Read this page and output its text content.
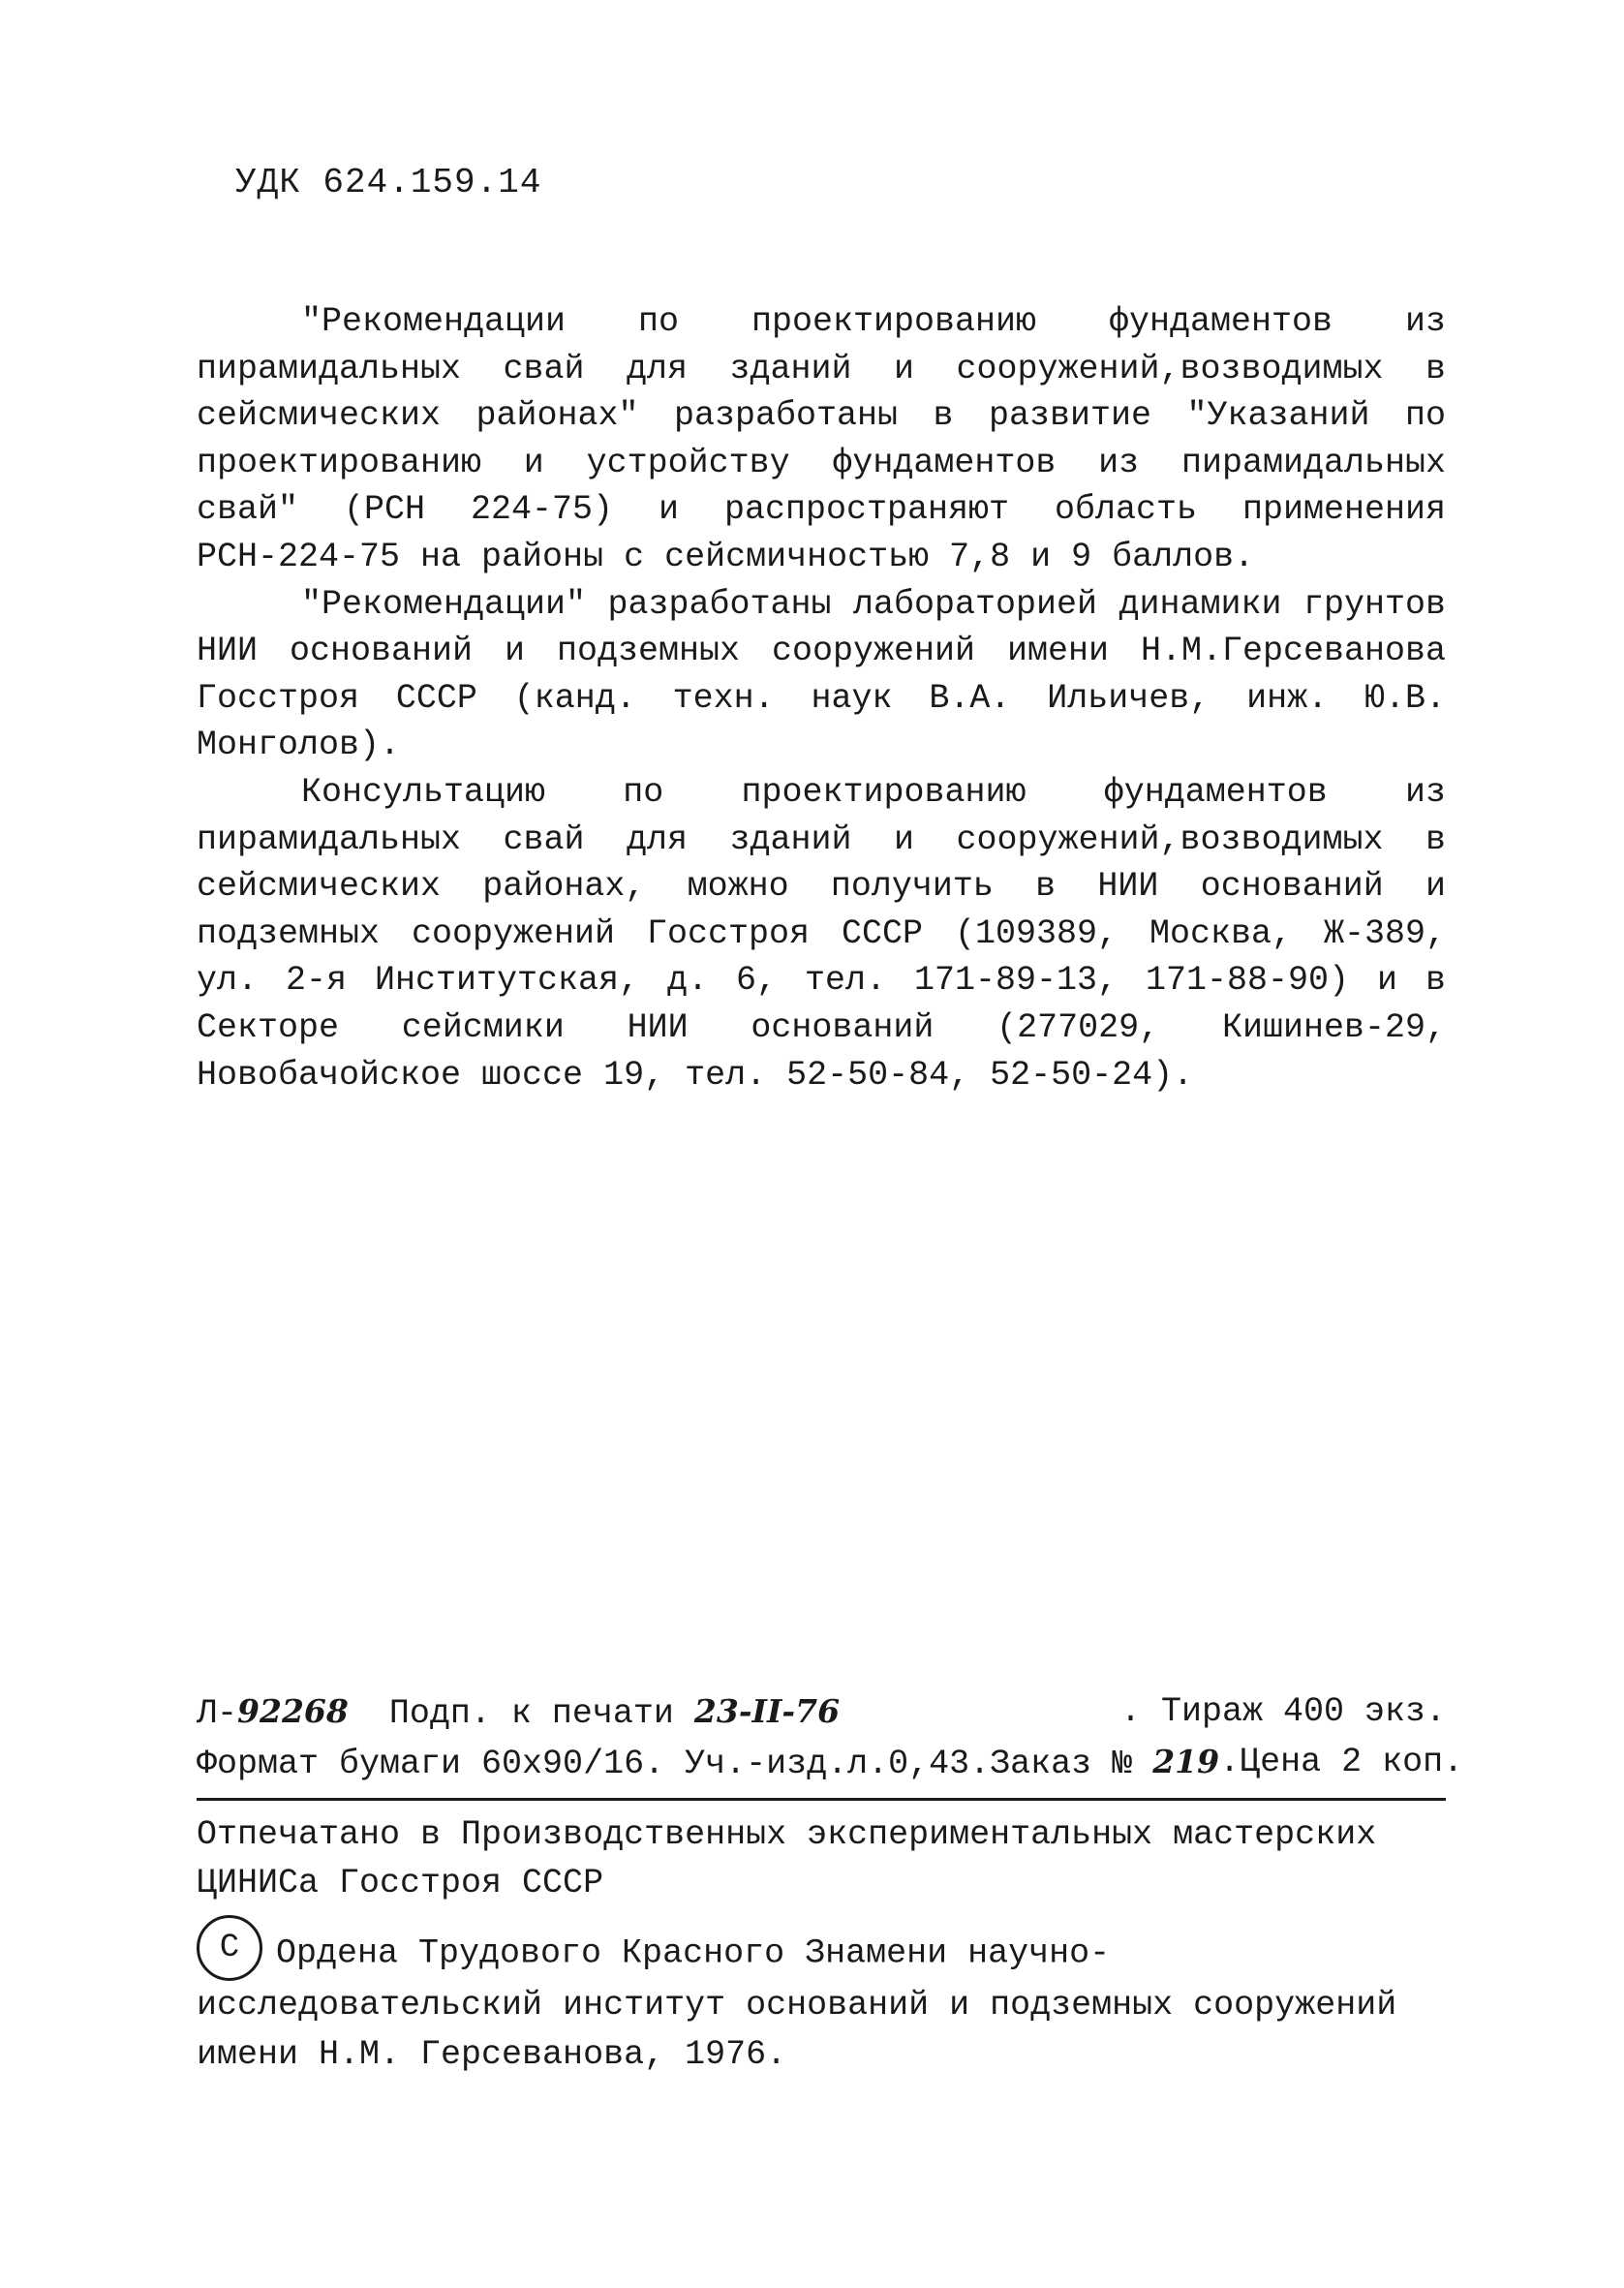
УДК 624.159.14

"Рекомендации по проектированию фундаментов из пирамидальных свай для зданий и сооружений,возводимых в сейсмических районах" разработаны в развитие "Указаний по проектированию и устройству фундаментов из пирамидальных свай" (РСН 224-75) и распространяют область применения РСН-224-75 на районы с сейсмичностью 7,8 и 9 баллов.

"Рекомендации" разработаны лабораторией динамики грунтов НИИ оснований и подземных сооружений имени Н.М.Герсеванова Госстроя СССР (канд. техн. наук В.А. Ильичев, инж. Ю.В. Монголов).

Консультацию по проектированию фундаментов из пирамидальных свай для зданий и сооружений,возводимых в сейсмических районах, можно получить в НИИ оснований и подземных сооружений Госстроя СССР (109389, Москва, Ж-389, ул. 2-я Институтская, д. 6, тел. 171-89-13, 171-88-90) и в Секторе сейсмики НИИ оснований (277029, Кишинев-29, Новобачойское шоссе 19, тел. 52-50-84, 52-50-24).

Л-92268 Подп. к печати 23-II-76	. Тираж 400 экз.
Формат бумаги 60х90/16. Уч.-изд.л.0,43.Заказ № 219 .Цена 2 коп.
Отпечатано в Производственных экспериментальных мастерских ЦИНИСа Госстроя СССР
С Ордена Трудового Красного Знамени научно-исследовательский институт оснований и подземных сооружений имени Н.М. Герсеванова, 1976.
